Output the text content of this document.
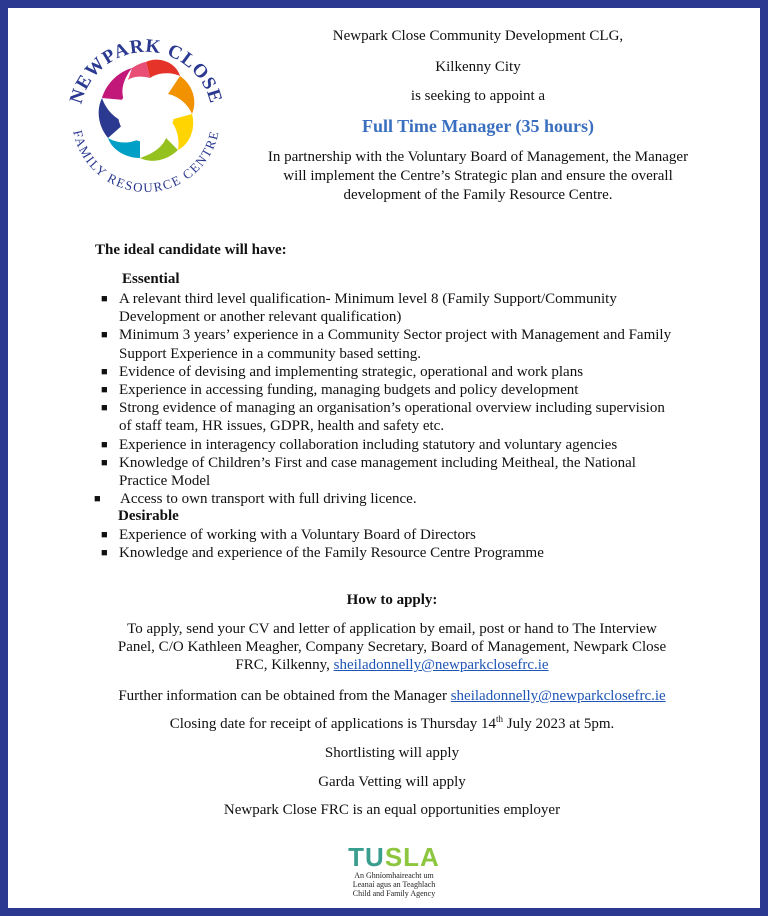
NEWPARK CLOSE
FAMILY RESOURCE CENTRE
Newpark Close Community Development CLG,
Kilkenny City
is seeking to appoint a
Full Time Manager (35 hours)
In partnership with the Voluntary Board of Management, the Manager will implement the Centre’s Strategic plan and ensure the overall development of the Family Resource Centre.
The ideal candidate will have:
Essential
■ A relevant third level qualification- Minimum level 8 (Family Support/Community Development or another relevant qualification)
■ Minimum 3 years’ experience in a Community Sector project with Management and Family Support Experience in a community based setting.
■ Evidence of devising and implementing strategic, operational and work plans
■ Experience in accessing funding, managing budgets and policy development
■ Strong evidence of managing an organisation’s operational overview including supervision of staff team, HR issues, GDPR, health and safety etc.
■ Experience in interagency collaboration including statutory and voluntary agencies
■ Knowledge of Children’s First and case management including Meitheal, the National Practice Model
■ Access to own transport with full driving licence.
Desirable
■ Experience of working with a Voluntary Board of Directors
■ Knowledge and experience of the Family Resource Centre Programme
How to apply:
To apply, send your CV and letter of application by email, post or hand to The Interview
Panel, C/O Kathleen Meagher, Company Secretary, Board of Management, Newpark Close
FRC, Kilkenny, sheiladonnelly@newparkclosefrc.ie
Further information can be obtained from the Manager sheiladonnelly@newparkclosefrc.ie
Closing date for receipt of applications is Thursday 14th July 2023 at 5pm.
Shortlisting will apply
Garda Vetting will apply
Newpark Close FRC is an equal opportunities employer
TUSLA
An Ghníomhaireacht um
Leanaí agus an Teaghlach
Child and Family Agency
